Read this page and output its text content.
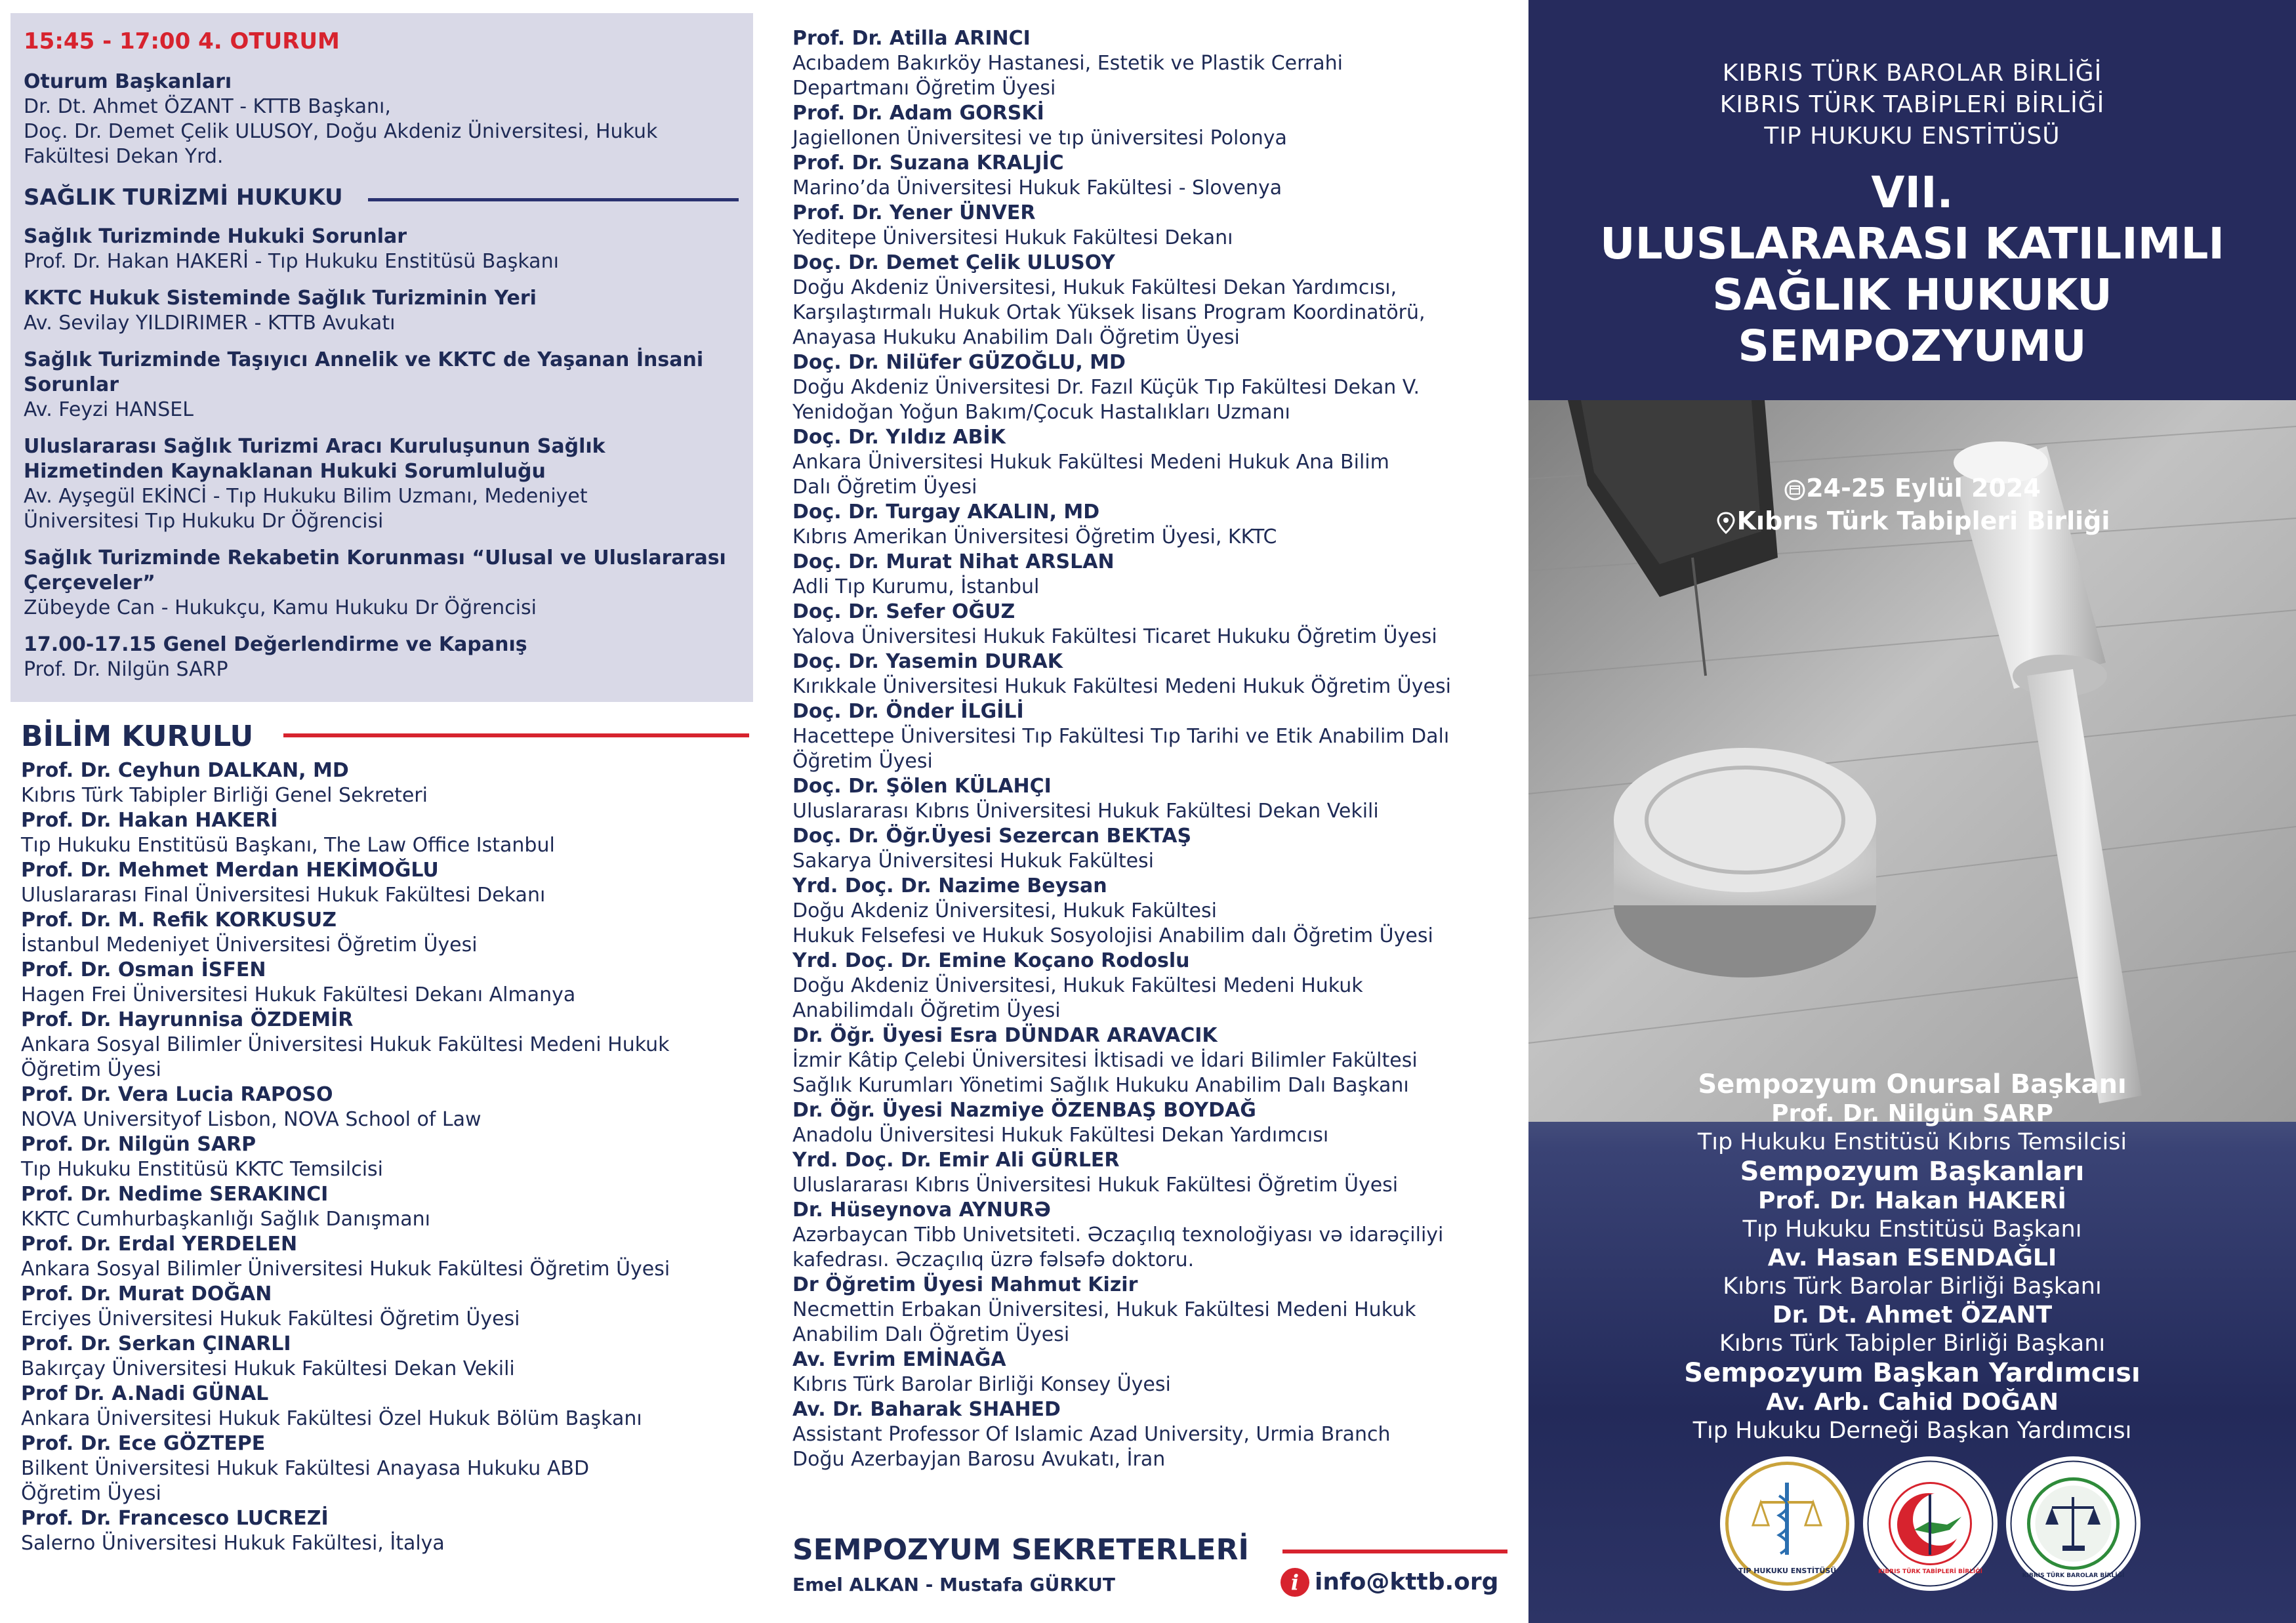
15:45 - 17:00 4. OTURUM
Oturum Başkanları
Dr. Dt. Ahmet ÖZANT - KTTB Başkanı,
Doç. Dr. Demet Çelik ULUSOY, Doğu Akdeniz Üniversitesi, Hukuk
Fakültesi Dekan Yrd.
SAĞLIK TURİZMİ HUKUKU
Sağlık Turizminde Hukuki Sorunlar
Prof. Dr. Hakan HAKERİ - Tıp Hukuku Enstitüsü Başkanı
KKTC Hukuk Sisteminde Sağlık Turizminin Yeri
Av. Sevilay YILDIRIMER - KTTB Avukatı
Sağlık Turizminde Taşıyıcı Annelik ve KKTC de Yaşanan İnsani
Sorunlar
Av. Feyzi HANSEL
Uluslararası Sağlık Turizmi Aracı Kuruluşunun Sağlık
Hizmetinden Kaynaklanan Hukuki Sorumluluğu
Av. Ayşegül EKİNCİ - Tıp Hukuku Bilim Uzmanı, Medeniyet
Üniversitesi Tıp Hukuku Dr Öğrencisi
Sağlık Turizminde Rekabetin Korunması “Ulusal ve Uluslararası
Çerçeveler”
Zübeyde Can - Hukukçu, Kamu Hukuku Dr Öğrencisi
17.00-17.15 Genel Değerlendirme ve Kapanış
Prof. Dr. Nilgün SARP
BİLİM KURULU
Prof. Dr. Ceyhun DALKAN, MD
Kıbrıs Türk Tabipler Birliği Genel Sekreteri
Prof. Dr. Hakan HAKERİ
Tıp Hukuku Enstitüsü Başkanı, The Law Office Istanbul
Prof. Dr. Mehmet Merdan HEKİMOĞLU
Uluslararası Final Üniversitesi Hukuk Fakültesi Dekanı
Prof. Dr. M. Refik KORKUSUZ
İstanbul Medeniyet Üniversitesi Öğretim Üyesi
Prof. Dr. Osman İSFEN
Hagen Frei Üniversitesi Hukuk Fakültesi Dekanı Almanya
Prof. Dr. Hayrunnisa ÖZDEMİR
Ankara Sosyal Bilimler Üniversitesi Hukuk Fakültesi Medeni Hukuk
Öğretim Üyesi
Prof. Dr. Vera Lucia RAPOSO
NOVA Universityof Lisbon, NOVA School of Law
Prof. Dr. Nilgün SARP
Tıp Hukuku Enstitüsü KKTC Temsilcisi
Prof. Dr. Nedime SERAKINCI
KKTC Cumhurbaşkanlığı Sağlık Danışmanı
Prof. Dr. Erdal YERDELEN
Ankara Sosyal Bilimler Üniversitesi Hukuk Fakültesi Öğretim Üyesi
Prof. Dr. Murat DOĞAN
Erciyes Üniversitesi Hukuk Fakültesi Öğretim Üyesi
Prof. Dr. Serkan ÇINARLI
Bakırçay Üniversitesi Hukuk Fakültesi Dekan Vekili
Prof Dr. A.Nadi GÜNAL
Ankara Üniversitesi Hukuk Fakültesi Özel Hukuk Bölüm Başkanı
Prof. Dr. Ece GÖZTEPE
Bilkent Üniversitesi Hukuk Fakültesi Anayasa Hukuku ABD
Öğretim Üyesi
Prof. Dr. Francesco LUCREZİ
Salerno Üniversitesi Hukuk Fakültesi, İtalya
Prof. Dr. Atilla ARINCI
Acıbadem Bakırköy Hastanesi, Estetik ve Plastik Cerrahi
Departmanı Öğretim Üyesi
Prof. Dr. Adam GORSKİ
Jagiellonen Üniversitesi ve tıp üniversitesi Polonya
Prof. Dr. Suzana KRALJİC
Marino’da Üniversitesi Hukuk Fakültesi - Slovenya
Prof. Dr. Yener ÜNVER
Yeditepe Üniversitesi Hukuk Fakültesi Dekanı
Doç. Dr. Demet Çelik ULUSOY
Doğu Akdeniz Üniversitesi, Hukuk Fakültesi Dekan Yardımcısı,
Karşılaştırmalı Hukuk Ortak Yüksek lisans Program Koordinatörü,
Anayasa Hukuku Anabilim Dalı Öğretim Üyesi
Doç. Dr. Nilüfer GÜZOĞLU, MD
Doğu Akdeniz Üniversitesi Dr. Fazıl Küçük Tıp Fakültesi Dekan V.
Yenidoğan Yoğun Bakım/Çocuk Hastalıkları Uzmanı
Doç. Dr. Yıldız ABİK
Ankara Üniversitesi Hukuk Fakültesi Medeni Hukuk Ana Bilim
Dalı Öğretim Üyesi
Doç. Dr. Turgay AKALIN, MD
Kıbrıs Amerikan Üniversitesi Öğretim Üyesi, KKTC
Doç. Dr. Murat Nihat ARSLAN
Adli Tıp Kurumu, İstanbul
Doç. Dr. Sefer OĞUZ
Yalova Üniversitesi Hukuk Fakültesi Ticaret Hukuku Öğretim Üyesi
Doç. Dr. Yasemin DURAK
Kırıkkale Üniversitesi Hukuk Fakültesi Medeni Hukuk Öğretim Üyesi
Doç. Dr. Önder İLGİLİ
Hacettepe Üniversitesi Tıp Fakültesi Tıp Tarihi ve Etik Anabilim Dalı
Öğretim Üyesi
Doç. Dr. Şölen KÜLAHÇI
Uluslararası Kıbrıs Üniversitesi Hukuk Fakültesi Dekan Vekili
Doç. Dr. Öğr.Üyesi Sezercan BEKTAŞ
Sakarya Üniversitesi Hukuk Fakültesi
Yrd. Doç. Dr. Nazime Beysan
Doğu Akdeniz Üniversitesi, Hukuk Fakültesi
Hukuk Felsefesi ve Hukuk Sosyolojisi Anabilim dalı Öğretim Üyesi
Yrd. Doç. Dr. Emine Koçano Rodoslu
Doğu Akdeniz Üniversitesi, Hukuk Fakültesi Medeni Hukuk
Anabilimdalı Öğretim Üyesi
Dr. Öğr. Üyesi Esra DÜNDAR ARAVACIK
İzmir Kâtip Çelebi Üniversitesi İktisadi ve İdari Bilimler Fakültesi
Sağlık Kurumları Yönetimi Sağlık Hukuku Anabilim Dalı Başkanı
Dr. Öğr. Üyesi Nazmiye ÖZENBAŞ BOYDAĞ
Anadolu Üniversitesi Hukuk Fakültesi Dekan Yardımcısı
Yrd. Doç. Dr. Emir Ali GÜRLER
Uluslararası Kıbrıs Üniversitesi Hukuk Fakültesi Öğretim Üyesi
Dr. Hüseynova AYNURƏ
Azərbaycan Tibb Univetsiteti. Əczaçılıq texnoloğiyası və idarəçiliyi
kafedrası. Əczaçılıq üzrə fəlsəfə doktoru.
Dr Öğretim Üyesi Mahmut Kizir
Necmettin Erbakan Üniversitesi, Hukuk Fakültesi Medeni Hukuk
Anabilim Dalı Öğretim Üyesi
Av. Evrim EMİNAĞA
Kıbrıs Türk Barolar Birliği Konsey Üyesi
Av. Dr. Baharak SHAHED
Assistant Professor Of Islamic Azad University, Urmia Branch
Doğu Azerbayjan Barosu Avukatı, İran
SEMPOZYUM SEKRETERLERİ
Emel ALKAN - Mustafa GÜRKUT	i info@kttb.org
KIBRIS TÜRK BAROLAR BİRLİĞİ
KIBRIS TÜRK TABİPLERİ BİRLİĞİ
TIP HUKUKU ENSTİTÜSÜ
VII.
ULUSLARARASI KATILIMLI
SAĞLIK HUKUKU
SEMPOZYUMU
24-25 Eylül 2024
Kıbrıs Türk Tabipleri Birliği
Sempozyum Onursal Başkanı
Prof. Dr. Nilgün SARP
Tıp Hukuku Enstitüsü Kıbrıs Temsilcisi
Sempozyum Başkanları
Prof. Dr. Hakan HAKERİ
Tıp Hukuku Enstitüsü Başkanı
Av. Hasan ESENDAĞLI
Kıbrıs Türk Barolar Birliği Başkanı
Dr. Dt. Ahmet ÖZANT
Kıbrıs Türk Tabipler Birliği Başkanı
Sempozyum Başkan Yardımcısı
Av. Arb. Cahid DOĞAN
Tıp Hukuku Derneği Başkan Yardımcısı
TIP HUKUKU ENSTİTÜSÜ	KIBRIS TÜRK TABİPLERİ BİRLİĞİ
KIBRIS TÜRK BAROLAR BİRLİĞİ
